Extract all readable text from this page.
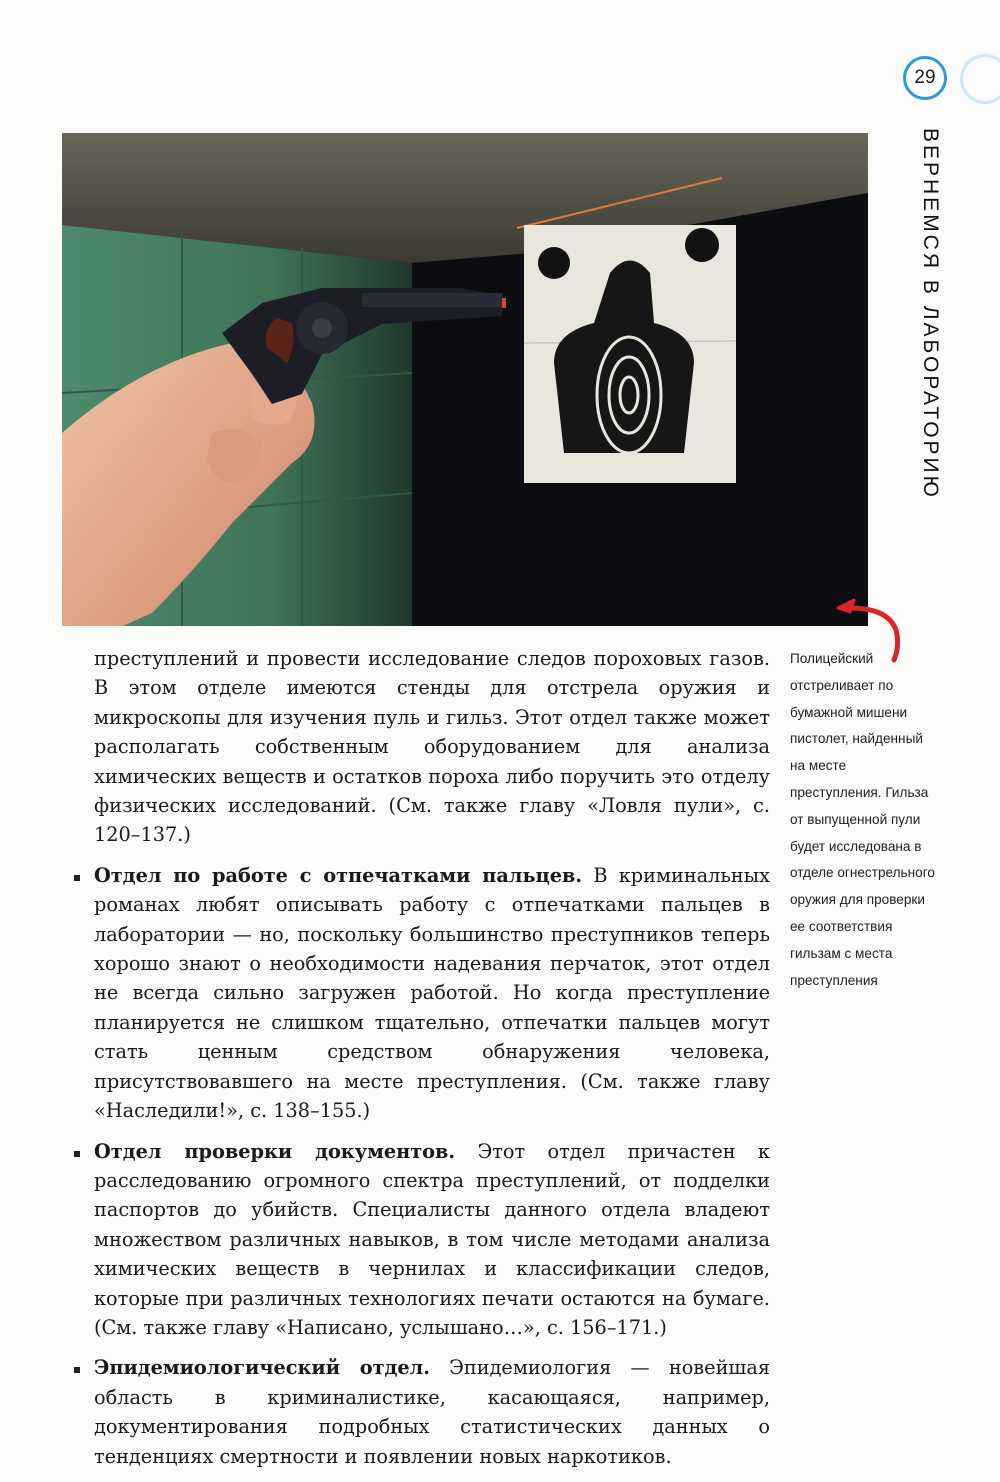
29
ВЕРНЕМСЯ В ЛАБОРАТОРИЮ
Полицейский отстреливает по бумажной мишени пистолет, найденный на месте преступления. Гильза от выпущенной пули будет исследована в отделе огнестрельного оружия для проверки ее соответствия гильзам с места преступления

преступлений и провести исследование следов пороховых газов. В этом отделе имеются стенды для отстрела оружия и микроскопы для изучения пуль и гильз. Этот отдел также может располагать собственным оборудованием для анализа химических веществ и остатков пороха либо поручить это отделу физических исследований. (См. также главу «Ловля пули», с. 120–137.)

Отдел по работе с отпечатками пальцев. В криминальных романах любят описывать работу с отпечатками пальцев в лаборатории — но, поскольку большинство преступников теперь хорошо знают о необходимости надевания перчаток, этот отдел не всегда сильно загружен работой. Но когда преступление планируется не слишком тщательно, отпечатки пальцев могут стать ценным средством обнаружения человека, присутствовавшего на месте преступления. (См. также главу «Наследили!», с. 138–155.)
Отдел проверки документов. Этот отдел причастен к расследованию огромного спектра преступлений, от подделки паспортов до убийств. Специалисты данного отдела владеют множеством различных навыков, в том числе методами анализа химических веществ в чернилах и классификации следов, которые при различных технологиях печати остаются на бумаге. (См. также главу «Написано, услышано…», с. 156–171.)
Эпидемиологический отдел. Эпидемиология — новейшая область в криминалистике, касающаяся, например, документирования подробных статистических данных о тенденциях смертности и появлении новых наркотиков.
